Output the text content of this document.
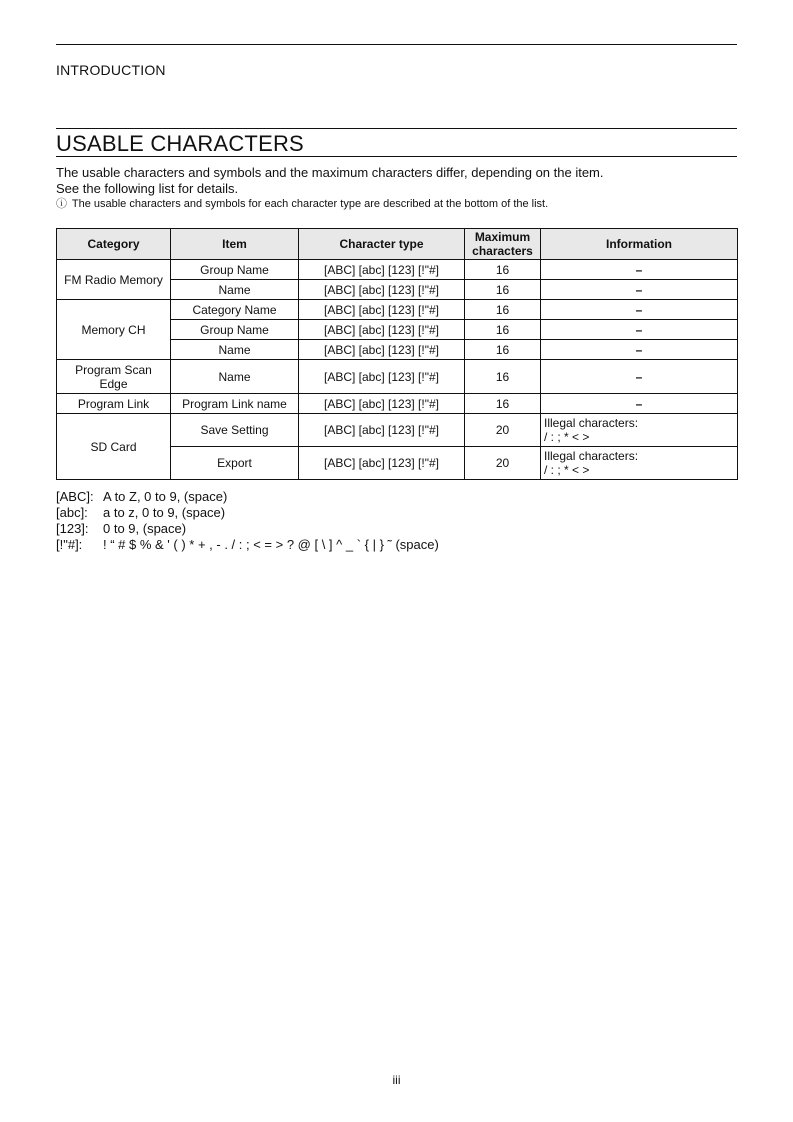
INTRODUCTION
USABLE CHARACTERS

The usable characters and symbols and the maximum characters differ, depending on the item.

See the following list for details.

ⓘ The usable characters and symbols for each character type are described at the bottom of the list.

Category	Item	Character type	Maximum characters	Information
FM Radio Memory	Group Name	[ABC] [abc] [123] [!"#]	16	–
	Name	[ABC] [abc] [123] [!"#]	16	–
Memory CH	Category Name	[ABC] [abc] [123] [!"#]	16	–
	Group Name	[ABC] [abc] [123] [!"#]	16	–
	Name	[ABC] [abc] [123] [!"#]	16	–
Program Scan Edge	Name	[ABC] [abc] [123] [!"#]	16	–
Program Link	Program Link name	[ABC] [abc] [123] [!"#]	16	–
SD Card	Save Setting	[ABC] [abc] [123] [!"#]	20	Illegal characters:
/ : ; * < >

	Export	[ABC] [abc] [123] [!"#]	20	Illegal characters:
/ : ; * < >
[ABC]: A to Z, 0 to 9, (space)
[abc]:	a to z, 0 to 9, (space)
[123]:	0 to 9, (space)
[!"#]:	! “ # $ % & ' ( ) * + , - . / : ; < = > ? @ [ \ ] ^ _ ` { | } ˜ (space)
iii
